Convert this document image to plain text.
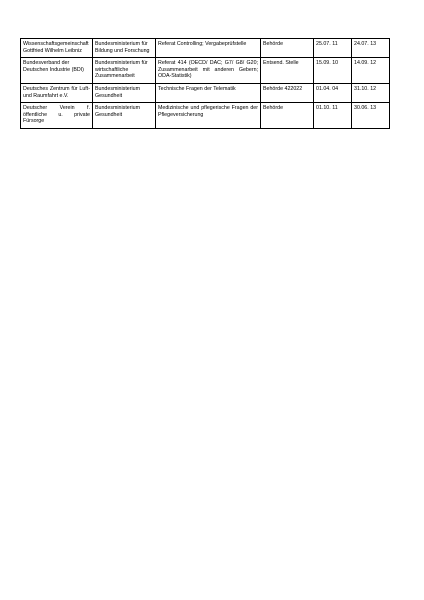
Wissenschaftsgemeinschaft Gottfried Wilhelm Leibniz	Bundesministerium für Bildung und Forschung	Referat Controlling; Vergabeprüfstelle	Behörde	25.07. 11	24.07. 13
Bundesverband der Deutschen Industrie (BDI)	Bundesministerium für wirtschaftliche Zusammenarbeit	Referat 414 (OECD/ DAC; G7/ G8/ G20; Zusammenarbeit mit anderen Gebern; ODA-Statistik)	Entsend. Stelle	15.09. 10	14.09. 12
Deutsches Zentrum für Luft- und Raumfahrt e.V.	Bundesministerium Gesundheit	Technische Fragen der Telematik	Behörde 422022	01.04. 04	31.10. 12
Deutscher Verein f. öffentliche u. private Fürsorge	Bundesministerium Gesundheit	Medizinische und pflegerische Fragen der Pflegeversicherung	Behörde	01.10. 11	30.06. 13
